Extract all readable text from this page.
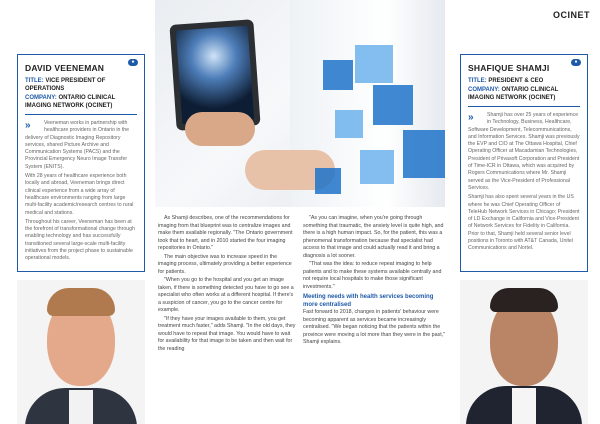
OCINET
●
DAVID VEENEMAN
TITLE: VICE PRESIDENT OF OPERATIONS
COMPANY: ONTARIO CLINICAL IMAGING NETWORK (OCINET)

»	Veeneman works in partnership with healthcare providers in Ontario in the delivery of Diagnostic Imaging Repository services, shared Picture Archive and Communication Systems (PACS) and the Provincial Emergency Neuro Image Transfer System (ENITS).

With 28 years of healthcare experience both locally and abroad, Veeneman brings direct clinical experience from a wide array of healthcare environments ranging from large multi-facility academic/research centres to rural medical and stations.

Throughout his career, Veeneman has been at the forefront of transformational change through enabling technology and has successfully transitioned several large-scale multi-facility initiatives from the project phase to sustainable operational models.

●
SHAFIQUE SHAMJI
TITLE: PRESIDENT & CEO
COMPANY: ONTARIO CLINICAL IMAGING NETWORK (OCINET)

»	Shamji has over 25 years of experience in Technology, Business, Healthcare, Software Development, Telecommunications, and Information Services. Shamji was previously the EVP and CIO at The Ottawa Hospital, Chief Operating Officer at Macadamian Technologies, President of Privasoft Corporation and President of Time-ICR in Ottawa, which was acquired by Rogers Communications where Mr. Shamji served as the Vice-President of Professional Services.

Shamji has also spent several years in the US where he was Chief Operating Officer of TeleHub Network Services in Chicago; President of LD Exchange in California and Vice-President of Network Services for Fidelity in California. Prior to that, Shamji held several senior level positions in Toronto with AT&T Canada, Unitel Communications and Nortel.

As Shamji describes, one of the recommendations for imaging from that blueprint was to centralize images and make them available regionally. "The Ontario government took that to heart, and in 2010 started the four imaging repositories in Ontario."

The main objective was to increase speed in the imaging process, ultimately providing a better experience for patients.

"When you go to the hospital and you get an image taken, if there is something detected you have to go see a specialist who often works at a different hospital. If there's a suspicion of cancer, you go to the cancer centre for example.

"If they have your images available to them, you get treatment much faster," adds Shamji. "In the old days, they would have to repeat that image. You would have to wait for availability for that image to be taken and then wait for the reading

"As you can imagine, when you're going through something that traumatic, the anxiety level is quite high, and there is a high human impact. So, for the patient, this was a phenomenal transformation because that specialist had access to that image and could actually read it and bring a diagnosis a lot sooner.

"That was the idea: to reduce repeat imaging to help patients and to make these systems available centrally and not require local hospitals to make those significant investments."

Meeting needs with health services becoming more centralised

Fast forward to 2018, changes in patients' behaviour were becoming apparent as services became increasingly centralised. "We began noticing that the patients within the province were moving a lot more than they were in the past," Shamji explains.
